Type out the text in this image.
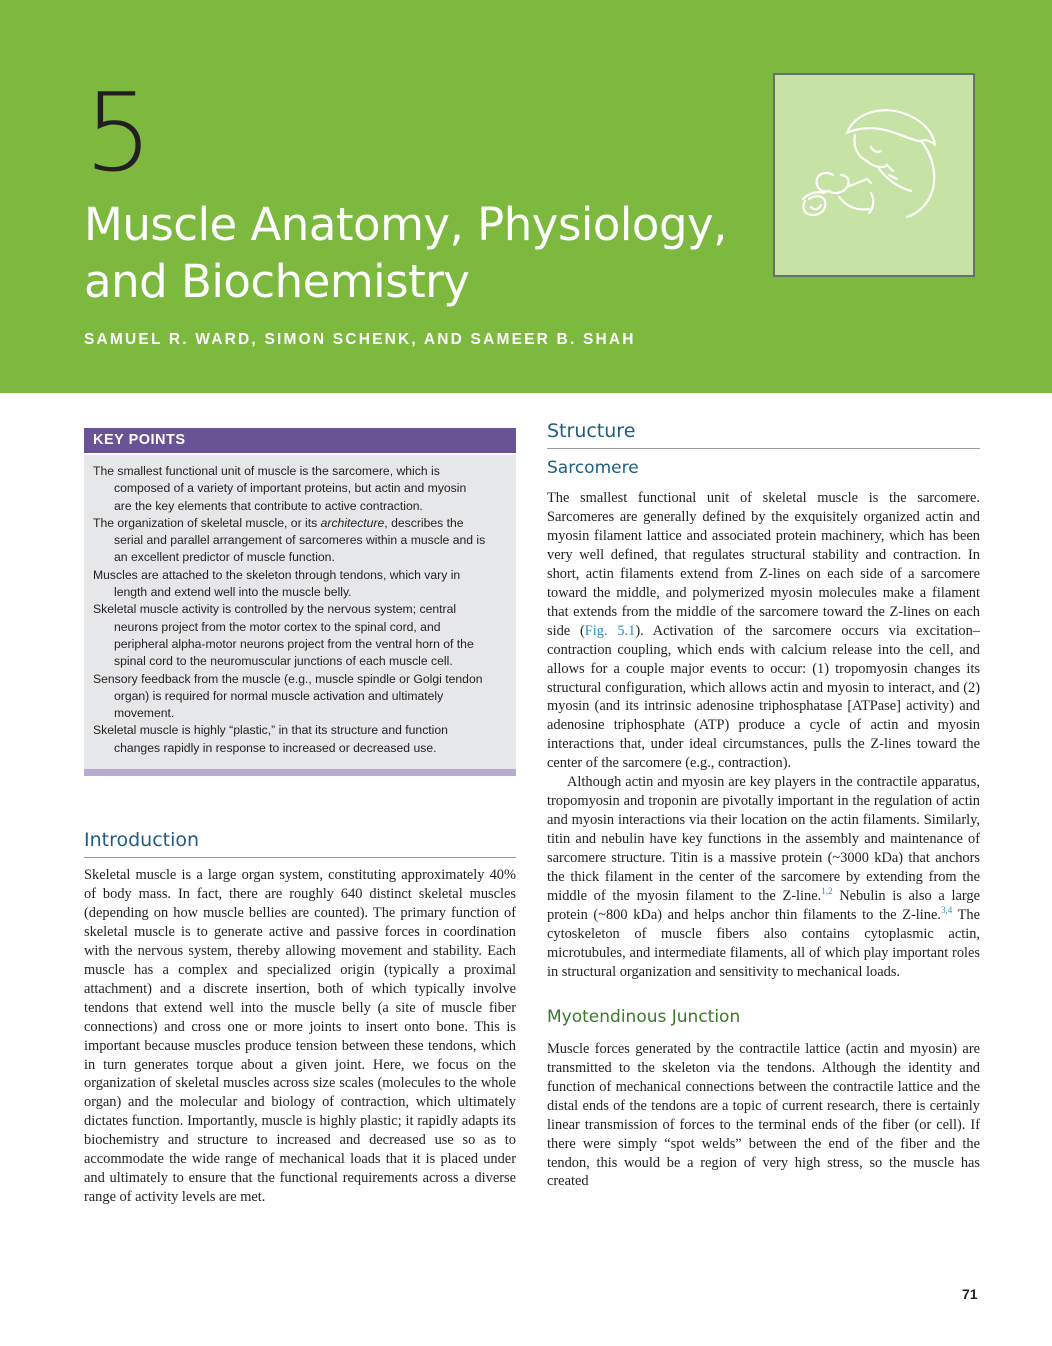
5
Muscle Anatomy, Physiology,
and Biochemistry
SAMUEL R. WARD, SIMON SCHENK, AND SAMEER B. SHAH
KEY POINTS
The smallest functional unit of muscle is the sarcomere, which is composed of a variety of important proteins, but actin and myosin are the key elements that contribute to active contraction.
The organization of skeletal muscle, or its architecture, describes the serial and parallel arrangement of sarcomeres within a muscle and is an excellent predictor of muscle function.
Muscles are attached to the skeleton through tendons, which vary in length and extend well into the muscle belly.
Skeletal muscle activity is controlled by the nervous system; central neurons project from the motor cortex to the spinal cord, and peripheral alpha-motor neurons project from the ventral horn of the spinal cord to the neuromuscular junctions of each muscle cell.
Sensory feedback from the muscle (e.g., muscle spindle or Golgi tendon organ) is required for normal muscle activation and ultimately movement.
Skeletal muscle is highly “plastic,” in that its structure and function changes rapidly in response to increased or decreased use.
Introduction

Skeletal muscle is a large organ system, constituting approximately 40% of body mass. In fact, there are roughly 640 distinct skeletal muscles (depending on how muscle bellies are counted). The primary function of skeletal muscle is to generate active and passive forces in coordination with the nervous system, thereby allowing movement and stability. Each muscle has a complex and specialized origin (typically a proximal attachment) and a discrete insertion, both of which typically involve tendons that extend well into the muscle belly (a site of muscle fiber connections) and cross one or more joints to insert onto bone. This is important because muscles produce tension between these tendons, which in turn generates torque about a given joint. Here, we focus on the organization of skeletal muscles across size scales (molecules to the whole organ) and the molecular and biology of contraction, which ultimately dictates function. Importantly, muscle is highly plastic; it rapidly adapts its biochemistry and structure to increased and decreased use so as to accommodate the wide range of mechanical loads that it is placed under and ultimately to ensure that the functional requirements across a diverse range of activity levels are met.

Structure
Sarcomere

The smallest functional unit of skeletal muscle is the sarcomere. Sarcomeres are generally defined by the exquisitely organized actin and myosin filament lattice and associated protein machinery, which has been very well defined, that regulates structural stability and contraction. In short, actin filaments extend from Z-lines on each side of a sarcomere toward the middle, and polymerized myosin molecules make a filament that extends from the middle of the sarcomere toward the Z-lines on each side (Fig. 5.1). Activation of the sarcomere occurs via excitation–contraction coupling, which ends with calcium release into the cell, and allows for a couple major events to occur: (1) tropomyosin changes its structural configuration, which allows actin and myosin to interact, and (2) myosin (and its intrinsic adenosine triphosphatase [ATPase] activity) and adenosine triphosphate (ATP) produce a cycle of actin and myosin interactions that, under ideal circumstances, pulls the Z-lines toward the center of the sarcomere (e.g., contraction).

Although actin and myosin are key players in the contractile apparatus, tropomyosin and troponin are pivotally important in the regulation of actin and myosin interactions via their location on the actin filaments. Similarly, titin and nebulin have key functions in the assembly and maintenance of sarcomere structure. Titin is a massive protein (~3000 kDa) that anchors the thick filament in the center of the sarcomere by extending from the middle of the myosin filament to the Z-line.$^{1,2}$ Nebulin is also a large protein (~800 kDa) and helps anchor thin filaments to the Z-line.$^{3,4}$ The cytoskeleton of muscle fibers also contains cytoplasmic actin, microtubules, and intermediate filaments, all of which play important roles in structural organization and sensitivity to mechanical loads.

Myotendinous Junction

Muscle forces generated by the contractile lattice (actin and myosin) are transmitted to the skeleton via the tendons. Although the identity and function of mechanical connections between the contractile lattice and the distal ends of the tendons are a topic of current research, there is certainly linear transmission of forces to the terminal ends of the fiber (or cell). If there were simply “spot welds” between the end of the fiber and the tendon, this would be a region of very high stress, so the muscle has created

71
